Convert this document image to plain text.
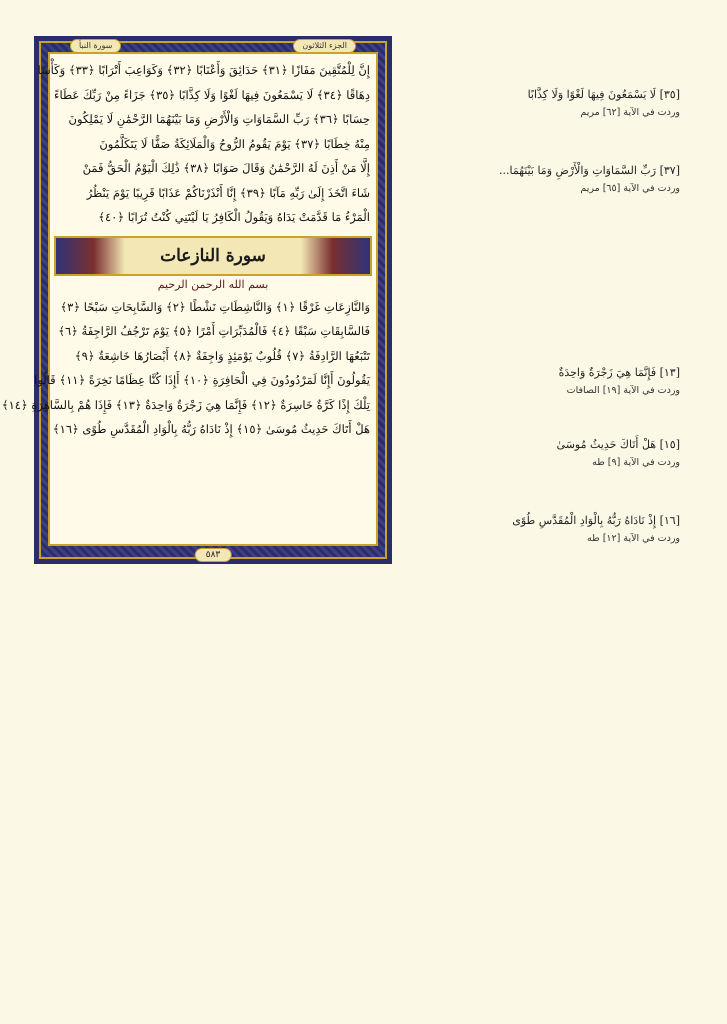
سورة النبأ	الجزء الثلاثون
إِنَّ لِلْمُتَّقِينَ مَفَازًا ﴿٣١﴾ حَدَائِقَ وَأَعْنَابًا ﴿٣٢﴾ وَكَوَاعِبَ أَتْرَابًا ﴿٣٣﴾ وَكَأْسًا
دِهَاقًا ﴿٣٤﴾ لَا يَسْمَعُونَ فِيهَا لَغْوًا وَلَا كِذَّابًا ﴿٣٥﴾ جَزَاءً مِنْ رَبِّكَ عَطَاءً
حِسَابًا ﴿٣٦﴾ رَبِّ السَّمَاوَاتِ وَالْأَرْضِ وَمَا بَيْنَهُمَا الرَّحْمَٰنِ لَا يَمْلِكُونَ
مِنْهُ خِطَابًا ﴿٣٧﴾ يَوْمَ يَقُومُ الرُّوحُ وَالْمَلَائِكَةُ صَفًّا لَا يَتَكَلَّمُونَ
إِلَّا مَنْ أَذِنَ لَهُ الرَّحْمَٰنُ وَقَالَ صَوَابًا ﴿٣٨﴾ ذَٰلِكَ الْيَوْمُ الْحَقُّ فَمَنْ
شَاءَ اتَّخَذَ إِلَىٰ رَبِّهِ مَآبًا ﴿٣٩﴾ إِنَّا أَنْذَرْنَاكُمْ عَذَابًا قَرِيبًا يَوْمَ يَنْظُرُ
الْمَرْءُ مَا قَدَّمَتْ يَدَاهُ وَيَقُولُ الْكَافِرُ يَا لَيْتَنِي كُنْتُ تُرَابًا ﴿٤٠﴾
سورة النازعات
بسم الله الرحمن الرحيم
وَالنَّازِعَاتِ غَرْقًا ﴿١﴾ وَالنَّاشِطَاتِ نَشْطًا ﴿٢﴾ وَالسَّابِحَاتِ سَبْحًا ﴿٣﴾
فَالسَّابِقَاتِ سَبْقًا ﴿٤﴾ فَالْمُدَبِّرَاتِ أَمْرًا ﴿٥﴾ يَوْمَ تَرْجُفُ الرَّاجِفَةُ ﴿٦﴾
تَتْبَعُهَا الرَّادِفَةُ ﴿٧﴾ قُلُوبٌ يَوْمَئِذٍ وَاجِفَةٌ ﴿٨﴾ أَبْصَارُهَا خَاشِعَةٌ ﴿٩﴾
يَقُولُونَ أَإِنَّا لَمَرْدُودُونَ فِي الْحَافِرَةِ ﴿١٠﴾ أَإِذَا كُنَّا عِظَامًا نَخِرَةً ﴿١١﴾ قَالُوا
تِلْكَ إِذًا كَرَّةٌ خَاسِرَةٌ ﴿١٢﴾ فَإِنَّمَا هِيَ زَجْرَةٌ وَاحِدَةٌ ﴿١٣﴾ فَإِذَا هُمْ بِالسَّاهِرَةِ ﴿١٤﴾
هَلْ أَتَاكَ حَدِيثُ مُوسَىٰ ﴿١٥﴾ إِذْ نَادَاهُ رَبُّهُ بِالْوَادِ الْمُقَدَّسِ طُوًى ﴿١٦﴾
٥٨٣
[٣٥] لَا يَسْمَعُونَ فِيهَا لَغْوًا وَلَا كِذَّابًا
وردت في الآية [٦٢] مريم
[٣٧] رَبِّ السَّمَاوَاتِ وَالْأَرْضِ وَمَا بَيْنَهُمَا...
وردت في الآية [٦٥] مريم
[١٣] فَإِنَّمَا هِيَ زَجْرَةٌ وَاحِدَةٌ
وردت في الآية [١٩] الصافات
[١٥] هَلْ أَتَاكَ حَدِيثُ مُوسَىٰ
وردت في الآية [٩] طه
[١٦] إِذْ نَادَاهُ رَبُّهُ بِالْوَادِ الْمُقَدَّسِ طُوًى
وردت في الآية [١٢] طه
